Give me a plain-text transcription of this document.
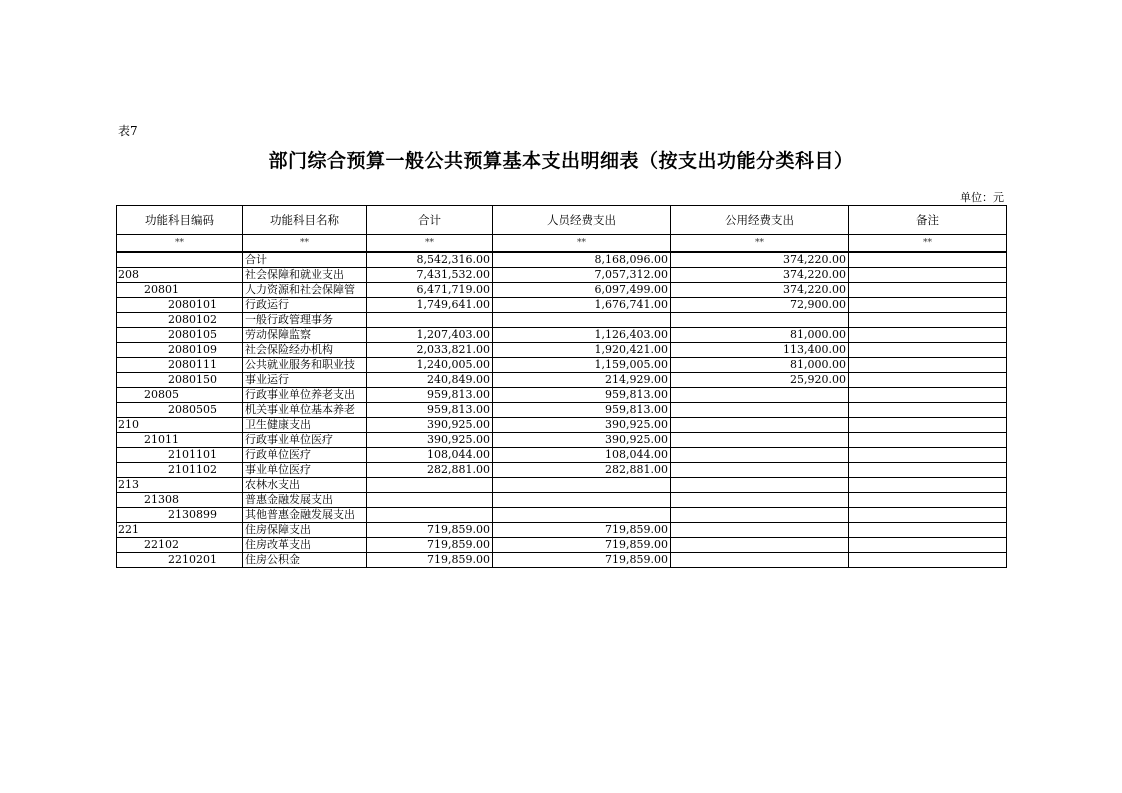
表7
部门综合预算一般公共预算基本支出明细表（按支出功能分类科目）
单位：元
功能科目编码	功能科目名称	合计	人员经费支出	公用经费支出	备注
**	**	**	**	**	**
	合计	8,542,316.00	8,168,096.00	374,220.00	
208	社会保障和就业支出	7,431,532.00	7,057,312.00	374,220.00	
20801	人力资源和社会保障管	6,471,719.00	6,097,499.00	374,220.00	
2080101	行政运行	1,749,641.00	1,676,741.00	72,900.00	
2080102	一般行政管理事务				
2080105	劳动保障监察	1,207,403.00	1,126,403.00	81,000.00	
2080109	社会保险经办机构	2,033,821.00	1,920,421.00	113,400.00	
2080111	公共就业服务和职业技	1,240,005.00	1,159,005.00	81,000.00	
2080150	事业运行	240,849.00	214,929.00	25,920.00	
20805	行政事业单位养老支出	959,813.00	959,813.00		
2080505	机关事业单位基本养老	959,813.00	959,813.00		
210	卫生健康支出	390,925.00	390,925.00		
21011	行政事业单位医疗	390,925.00	390,925.00		
2101101	行政单位医疗	108,044.00	108,044.00		
2101102	事业单位医疗	282,881.00	282,881.00		
213	农林水支出				
21308	普惠金融发展支出				
2130899	其他普惠金融发展支出				
221	住房保障支出	719,859.00	719,859.00		
22102	住房改革支出	719,859.00	719,859.00		
2210201	住房公积金	719,859.00	719,859.00		
